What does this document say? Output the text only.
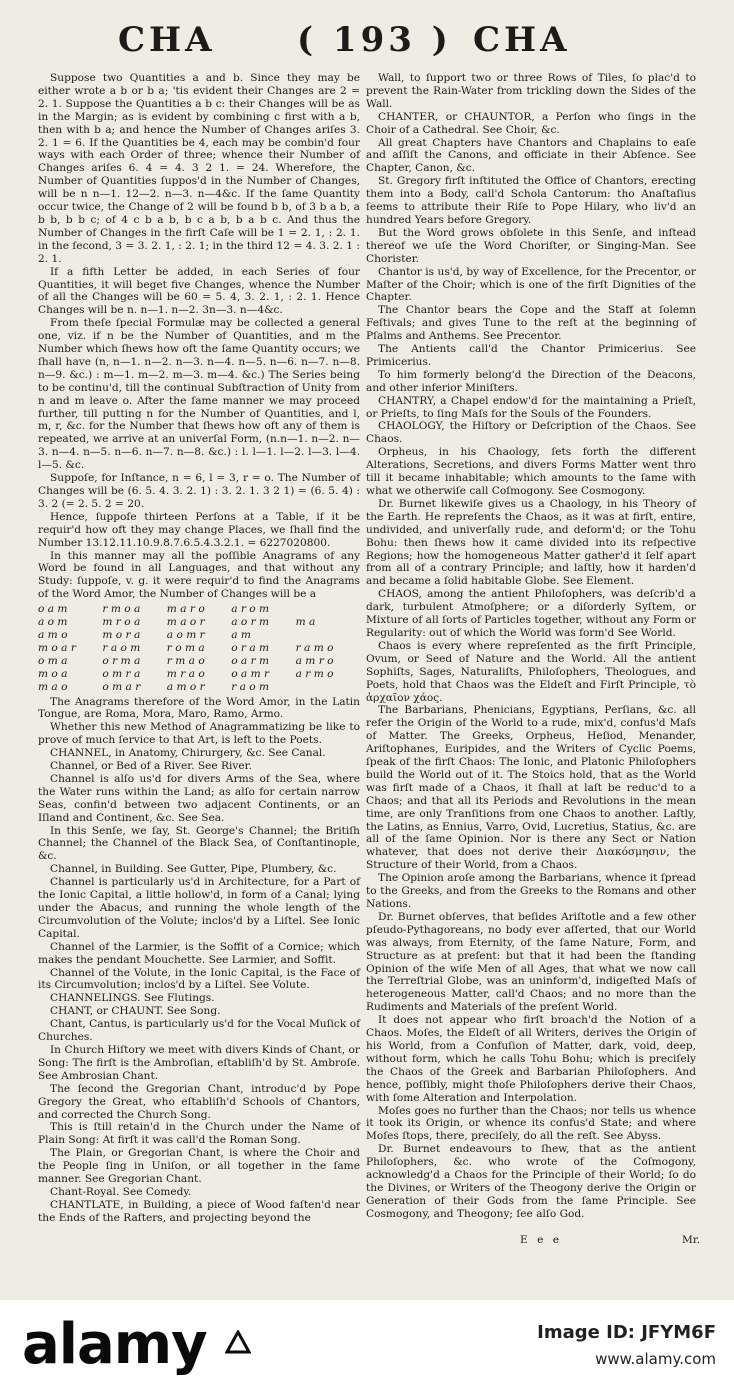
CHA ( 193 ) CHA

Suppose two Quantities a and b. Since they may be either wrote a b or b a; 'tis evident their Changes are 2 = 2. 1. Suppose the Quantities a b c: their Changes will be as in the Margin; as is evident by combining c first with a b, then with b a; and hence the Number of Changes ariſes 3. 2. 1 = 6. If the Quantities be 4, each may be combin'd four ways with each Order of three; whence their Number of Changes ariſes 6. 4 = 4. 3 2 1. = 24. Wherefore, the Number of Quantities ſuppos'd in the Number of Changes, will be n n—1. 12—2. n—3. n—4&c. If the ſame Quantity occur twice, the Change of 2 will be found b b, of 3 b a b, a b b, b b c; of 4 c b a b, b c a b, b a b c. And thus the Number of Changes in the firſt Caſe will be 1 = 2. 1, : 2. 1. in the ſecond, 3 = 3. 2. 1, : 2. 1; in the third 12 = 4. 3. 2. 1 : 2. 1.

If a fifth Letter be added, in each Series of four Quantities, it will beget five Changes, whence the Number of all the Changes will be 60 = 5. 4, 3. 2. 1, : 2. 1. Hence Changes will be n. n—1. n—2. 3n—3. n—4&c.

From theſe ſpecial Formulæ may be collected a general one, viz. if n be the Number of Quantities, and m the Number which ſhews how oft the ſame Quantity occurs; we ſhall have (n, n—1. n—2. n—3. n—4. n—5. n—6. n—7. n—8. n—9. &c.) : m—1. m—2. m—3. m—4. &c.) The Series being to be continu'd, till the continual Subſtraction of Unity from n and m leave o. After the ſame manner we may proceed further, till putting n for the Number of Quantities, and l, m, r, &c. for the Number that ſhews how oft any of them is repeated, we arrive at an univerſal Form, (n.n—1. n—2. n—3. n—4. n—5. n—6. n—7. n—8. &c.) : l. l—1. l—2. l—3. l—4. l—5. &c.

Suppoſe, for Inſtance, n = 6, l = 3, r = o. The Number of Changes will be (6. 5. 4. 3. 2. 1) : 3. 2. 1. 3 2 1) = (6. 5. 4) : 3. 2 (= 2. 5. 2 = 20.

Hence, ſuppoſe thirteen Perſons at a Table, if it be requir'd how oft they may change Places, we ſhall find the Number 13.12.11.10.9.8.7.6.5.4.3.2.1. = 6227020800.

In this manner may all the poſſible Anagrams of any Word be found in all Languages, and that without any Study: ſuppoſe, v. g. it were requir'd to find the Anagrams of the Word Amor, the Number of Changes will be a

o a m	r m o a	m a r o	a r o m
a o m	m r o a	m a o r	a o r m	m a
a m o	m o r a	a o m r	a m
m o a r	r a o m	r o m a	o r a m	r a m o
o m a	o r m a	r m a o	o a r m	a m r o
m o a	o m r a	m r a o	o a m r	a r m o
m a o	o m a r	a m o r	r a o m

The Anagrams therefore of the Word Amor, in the Latin Tongue, are Roma, Mora, Maro, Ramo, Armo.

Whether this new Method of Anagrammatizing be like to prove of much ſervice to that Art, is left to the Poets.

CHANNEL, in Anatomy, Chirurgery, &c. See Canal.

Channel, or Bed of a River. See River.

Channel is alſo us'd for divers Arms of the Sea, where the Water runs within the Land; as alſo for certain narrow Seas, confin'd between two adjacent Continents, or an Iſland and Continent, &c. See Sea.

In this Senſe, we ſay, St. George's Channel; the Britiſh Channel; the Channel of the Black Sea, of Conſtantinople, &c.

Channel, in Building. See Gutter, Pipe, Plumbery, &c.

Channel is particularly us'd in Architecture, for a Part of the Ionic Capital, a little hollow'd, in form of a Canal; lying under the Abacus, and running the whole length of the Circumvolution of the Volute; inclos'd by a Liſtel. See Ionic Capital.

Channel of the Larmier, is the Soffit of a Cornice; which makes the pendant Mouchette. See Larmier, and Soffit.

Channel of the Volute, in the Ionic Capital, is the Face of its Circumvolution; inclos'd by a Liſtel. See Volute.

CHANNELINGS. See Flutings.

CHANT, or CHAUNT. See Song.

Chant, Cantus, is particularly us'd for the Vocal Muſick of Churches.

In Church Hiſtory we meet with divers Kinds of Chant, or Song: The firſt is the Ambroſian, eſtabliſh'd by St. Ambroſe. See Ambrosian Chant.

The ſecond the Gregorian Chant, introduc'd by Pope Gregory the Great, who eſtabliſh'd Schools of Chantors, and corrected the Church Song.

This is ſtill retain'd in the Church under the Name of Plain Song: At firſt it was call'd the Roman Song.

The Plain, or Gregorian Chant, is where the Choir and the People ſing in Uniſon, or all together in the ſame manner. See Gregorian Chant.

Chant-Royal. See Comedy.

CHANTLATE, in Building, a piece of Wood faſten'd near the Ends of the Rafters, and projecting beyond the

Wall, to ſupport two or three Rows of Tiles, ſo plac'd to prevent the Rain-Water from trickling down the Sides of the Wall.

CHANTER, or CHAUNTOR, a Perſon who ſings in the Choir of a Cathedral. See Choir, &c.

All great Chapters have Chantors and Chaplains to eaſe and aſſiſt the Canons, and officiate in their Abſence. See Chapter, Canon, &c.

St. Gregory firſt inſtituted the Office of Chantors, erecting them into a Body, call'd Schola Cantorum: tho Anaſtaſius ſeems to attribute their Riſe to Pope Hilary, who liv'd an hundred Years before Gregory.

But the Word grows obſolete in this Senſe, and inſtead thereof we uſe the Word Choriſter, or Singing-Man. See Chorister.

Chantor is us'd, by way of Excellence, for the Precentor, or Maſter of the Choir; which is one of the firſt Dignities of the Chapter.

The Chantor bears the Cope and the Staff at ſolemn Feſtivals; and gives Tune to the reſt at the beginning of Pſalms and Anthems. See Precentor.

The Antients call'd the Chantor Primicerius. See Primicerius.

To him formerly belong'd the Direction of the Deacons, and other inferior Miniſters.

CHANTRY, a Chapel endow'd for the maintaining a Prieſt, or Prieſts, to ſing Maſs for the Souls of the Founders.

CHAOLOGY, the Hiſtory or Deſcription of the Chaos. See Chaos.

Orpheus, in his Chaology, ſets forth the different Alterations, Secretions, and divers Forms Matter went thro till it became inhabitable; which amounts to the ſame with what we otherwiſe call Coſmogony. See Cosmogony.

Dr. Burnet likewiſe gives us a Chaology, in his Theory of the Earth. He repreſents the Chaos, as it was at firſt, entire, undivided, and univerſally rude, and deform'd; or the Tohu Bohu: then ſhews how it came divided into its reſpective Regions; how the homogeneous Matter gather'd it ſelf apart from all of a contrary Principle; and laſtly, how it harden'd and became a ſolid habitable Globe. See Element.

CHAOS, among the antient Philoſophers, was deſcrib'd a dark, turbulent Atmoſphere; or a diſorderly Syſtem, or Mixture of all ſorts of Particles together, without any Form or Regularity: out of which the World was form'd See World.

Chaos is every where repreſented as the firſt Principle, Ovum, or Seed of Nature and the World. All the antient Sophiſts, Sages, Naturaliſts, Philoſophers, Theologues, and Poets, hold that Chaos was the Eldeſt and Firſt Principle, τὸ ἀρχαῖον χάος.

The Barbarians, Phenicians, Egyptians, Perſians, &c. all refer the Origin of the World to a rude, mix'd, confus'd Maſs of Matter. The Greeks, Orpheus, Heſiod, Menander, Ariſtophanes, Euripides, and the Writers of Cyclic Poems, ſpeak of the firſt Chaos: The Ionic, and Platonic Philoſophers build the World out of it. The Stoics hold, that as the World was firſt made of a Chaos, it ſhall at laſt be reduc'd to a Chaos; and that all its Periods and Revolutions in the mean time, are only Tranſitions from one Chaos to another. Laſtly, the Latins, as Ennius, Varro, Ovid, Lucretius, Statius, &c. are all of the ſame Opinion. Nor is there any Sect or Nation whatever, that does not derive their Διακόσμησιν, the Structure of their World, from a Chaos.

The Opinion aroſe among the Barbarians, whence it ſpread to the Greeks, and from the Greeks to the Romans and other Nations.

Dr. Burnet obſerves, that beſides Ariſtotle and a few other pſeudo-Pythagoreans, no body ever aſſerted, that our World was always, from Eternity, of the ſame Nature, Form, and Structure as at preſent: but that it had been the ſtanding Opinion of the wiſe Men of all Ages, that what we now call the Terreſtrial Globe, was an uninform'd, indigeſted Maſs of heterogeneous Matter, call'd Chaos; and no more than the Rudiments and Materials of the preſent World.

It does not appear who firſt broach'd the Notion of a Chaos. Moſes, the Eldeſt of all Writers, derives the Origin of his World, from a Confuſion of Matter, dark, void, deep, without form, which he calls Tohu Bohu; which is preciſely the Chaos of the Greek and Barbarian Philoſophers. And hence, poſſibly, might thoſe Philoſophers derive their Chaos, with ſome Alteration and Interpolation.

Moſes goes no further than the Chaos; nor tells us whence it took its Origin, or whence its confus'd State; and where Moſes ſtops, there, preciſely, do all the reſt. See Abyss.

Dr. Burnet endeavours to ſhew, that as the antient Philoſophers, &c. who wrote of the Coſmogony, acknowledg'd a Chaos for the Principle of their World; ſo do the Divines, or Writers of the Theogony derive the Origin or Generation of their Gods from the ſame Principle. See Cosmogony, and Theogony; ſee alſo God.

E e e	Mr.
alamy	Image ID: JFYM6F
www.alamy.com
